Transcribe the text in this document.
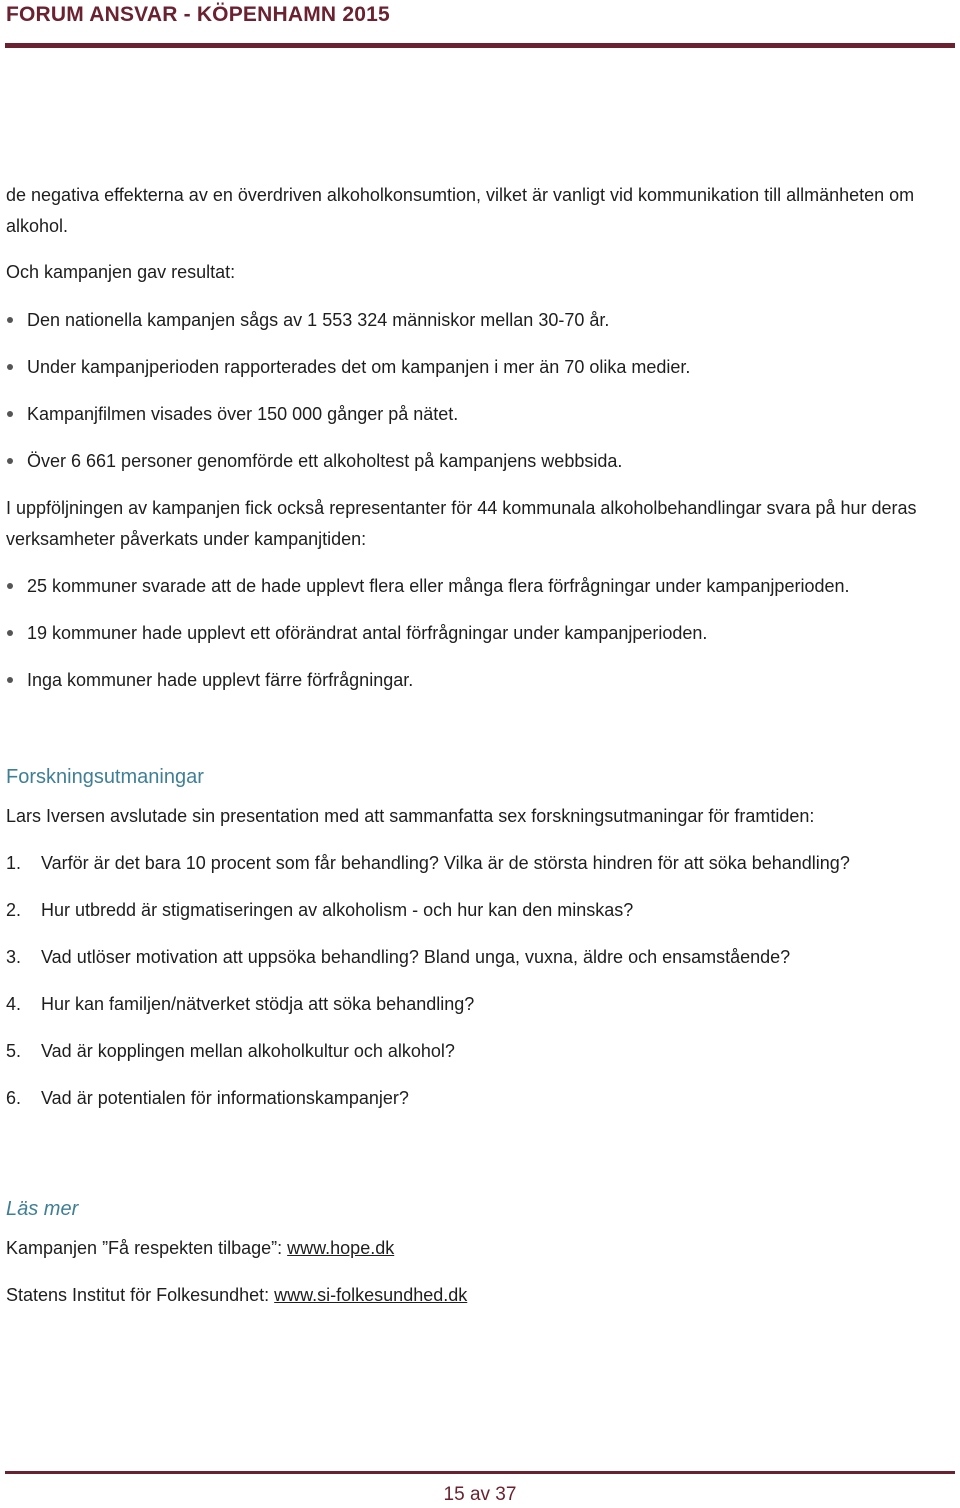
FORUM ANSVAR - KÖPENHAMN 2015

de negativa effekterna av en överdriven alkoholkonsumtion, vilket är vanligt vid kommunikation till allmänheten om alkohol.

Och kampanjen gav resultat:

Den nationella kampanjen sågs av 1 553 324 människor mellan 30-70 år.
Under kampanjperioden rapporterades det om kampanjen i mer än 70 olika medier.
Kampanjfilmen visades över 150 000 gånger på nätet.
Över 6 661 personer genomförde ett alkoholtest på kampanjens webbsida.

I uppföljningen av kampanjen fick också representanter för 44 kommunala alkoholbehandlingar svara på hur deras verksamheter påverkats under kampanjtiden:

25 kommuner svarade att de hade upplevt flera eller många flera förfrågningar under kampanjperioden.
19 kommuner hade upplevt ett oförändrat antal förfrågningar under kampanjperioden.
Inga kommuner hade upplevt färre förfrågningar.
Forskningsutmaningar

Lars Iversen avslutade sin presentation med att sammanfatta sex forskningsutmaningar för framtiden:

1. Varför är det bara 10 procent som får behandling? Vilka är de största hindren för att söka behandling?
2. Hur utbredd är stigmatiseringen av alkoholism - och hur kan den minskas?
3. Vad utlöser motivation att uppsöka behandling? Bland unga, vuxna, äldre och ensamstående?
4. Hur kan familjen/nätverket stödja att söka behandling?
5. Vad är kopplingen mellan alkoholkultur och alkohol?
6. Vad är potentialen för informationskampanjer?
Läs mer
Kampanjen ”Få respekten tilbage”: www.hope.dk
Statens Institut för Folkesundhet: www.si-folkesundhed.dk
15 av 37
